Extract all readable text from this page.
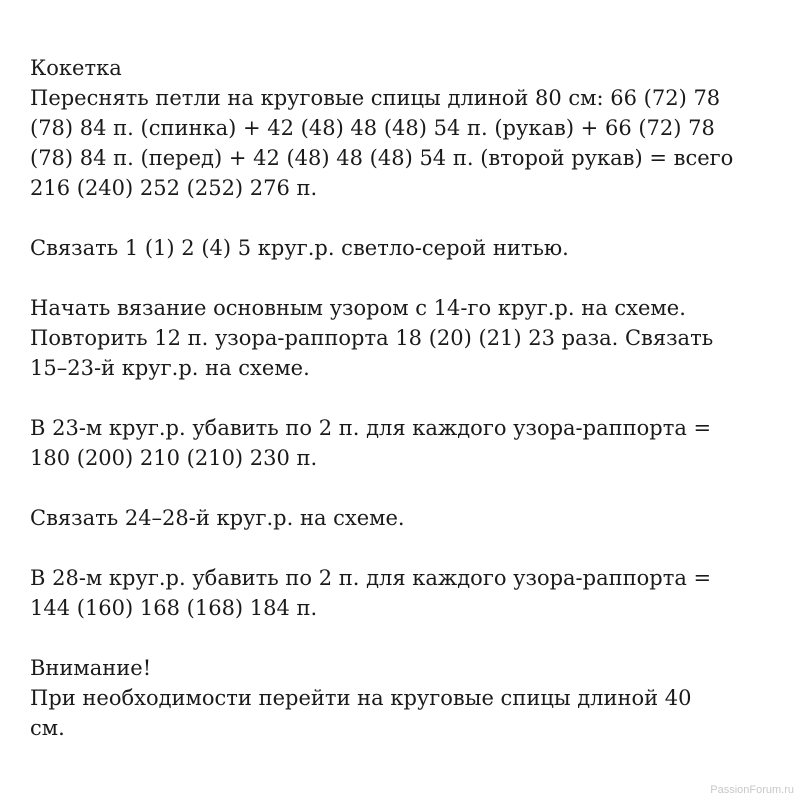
Кокетка

Переснять петли на круговые спицы длиной 80 см: 66 (72) 78
(78) 84 п. (спинка) + 42 (48) 48 (48) 54 п. (рукав) + 66 (72) 78
(78) 84 п. (перед) + 42 (48) 48 (48) 54 п. (второй рукав) = всего
216 (240) 252 (252) 276 п.

Связать 1 (1) 2 (4) 5 круг.р. светло-серой нитью.

Начать вязание основным узором с 14-го круг.р. на схеме.
Повторить 12 п. узора-раппорта 18 (20) (21) 23 раза. Связать
15–23-й круг.р. на схеме.

В 23-м круг.р. убавить по 2 п. для каждого узора-раппорта =
180 (200) 210 (210) 230 п.

Связать 24–28-й круг.р. на схеме.

В 28-м круг.р. убавить по 2 п. для каждого узора-раппорта =
144 (160) 168 (168) 184 п.

Внимание!
При необходимости перейти на круговые спицы длиной 40
см.

PassionForum.ru
